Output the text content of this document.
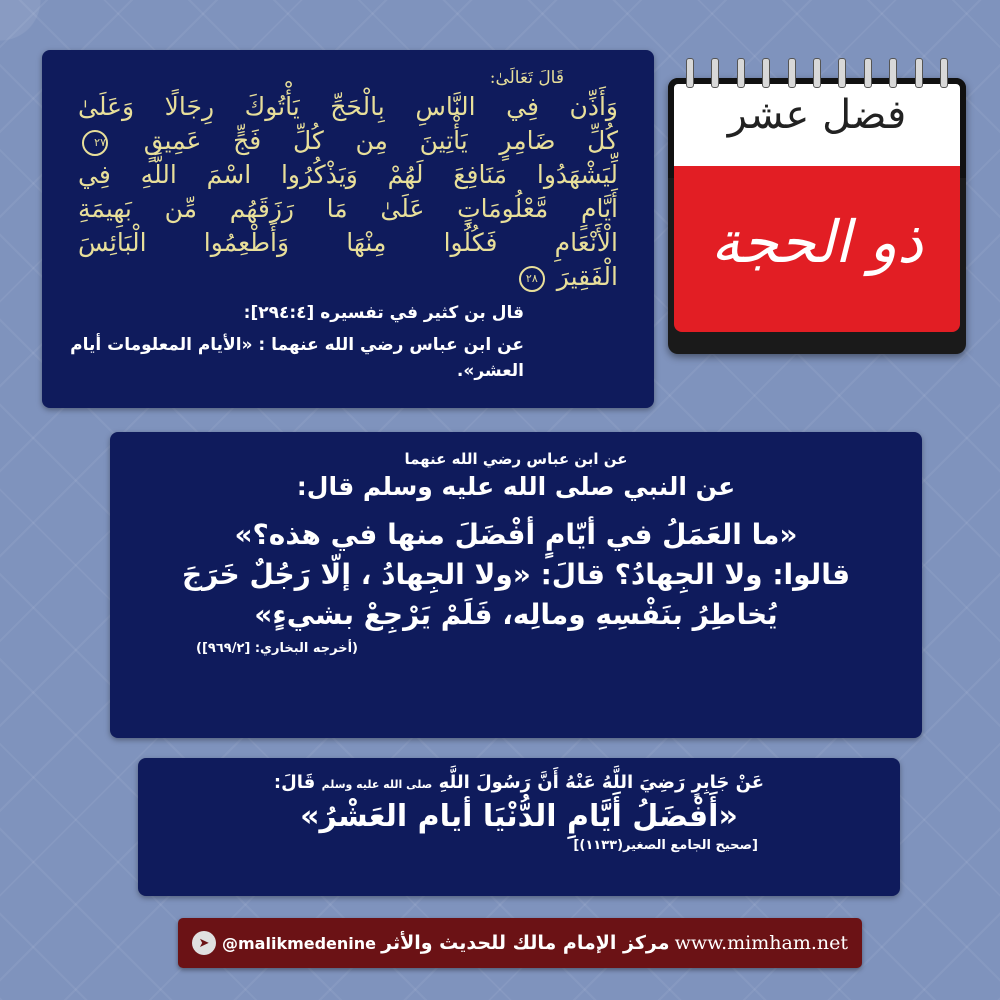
قَالَ تَعَالَىٰ:
وَأَذِّن فِي النَّاسِ بِالْحَجِّ يَأْتُوكَ رِجَالًا وَعَلَىٰ
كُلِّ ضَامِرٍ يَأْتِينَ مِن كُلِّ فَجٍّ عَمِيقٍ ٢٧
لِّيَشْهَدُوا مَنَافِعَ لَهُمْ وَيَذْكُرُوا اسْمَ اللَّهِ فِي
أَيَّامٍ مَّعْلُومَاتٍ عَلَىٰ مَا رَزَقَهُم مِّن بَهِيمَةِ
الْأَنْعَامِ فَكُلُوا مِنْهَا وَأَطْعِمُوا الْبَائِسَ
الْفَقِيرَ ٢٨
قال بن كثير في تفسيره [٢٩٤:٤]:
عن ابن عباس رضي الله عنهما : «الأيام المعلومات أيام العشر».
فضل عشر
ذو الحجة
عن ابن عباس رضي الله عنهما
عن النبي صلى الله عليه وسلم قال:

«ما العَمَلُ في أيّامٍ أفْضَلَ منها في هذه؟»

قالوا: ولا الجِهادُ؟ قالَ: «ولا الجِهادُ ، إلّا رَجُلٌ خَرَجَ

يُخاطِرُ بنَفْسِهِ ومالِه، فَلَمْ يَرْجِعْ بشيءٍ»

(أخرجه البخاري: [٩٦٩/٢])
عَنْ جَابِرٍ رَضِيَ اللَّهُ عَنْهُ أَنَّ رَسُولَ اللَّهِ صلى الله عليه وسلم قَالَ:
«أَفْضَلُ أَيَّامِ الدُّنْيَا أيام العَشْرُ»
[صحيح الجامع الصغير(١١٣٣)]
➤ @malikmedenine مركز الإمام مالك للحديث والأثر www.mimham.net
